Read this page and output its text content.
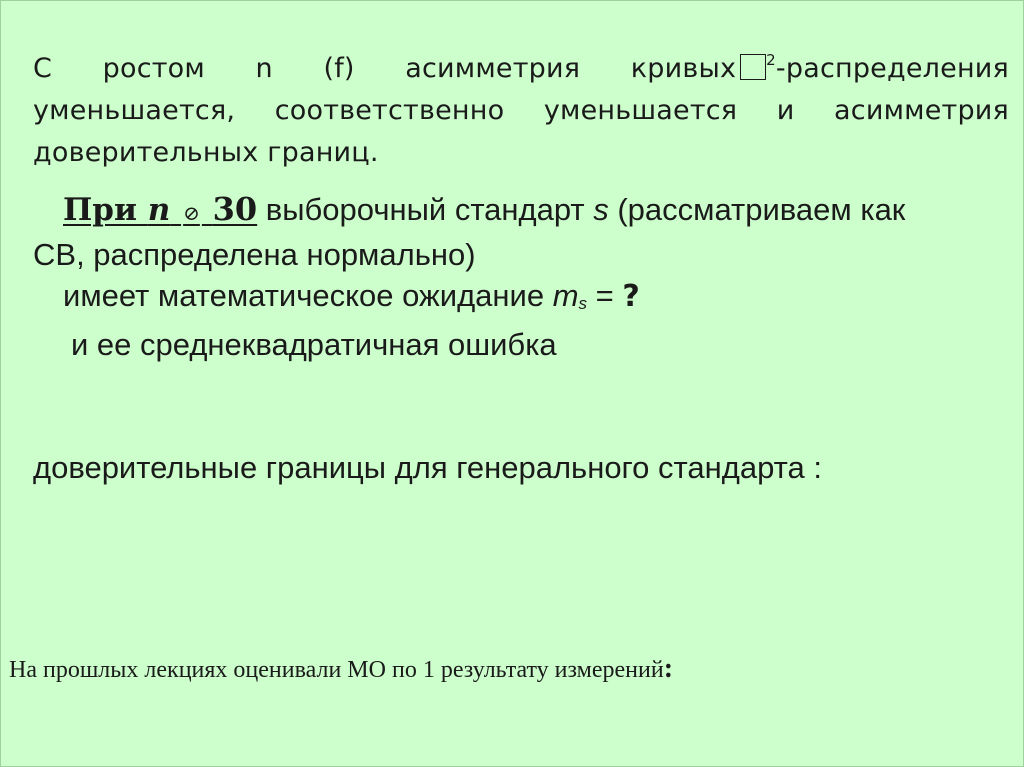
С ростом n (f) асимметрия кривых $^2$-распределения
уменьшается, соответственно уменьшается и асимметрия
доверительных границ.
При n ⊘ 30 выборочный стандарт s (рассматриваем как
СВ, распределена нормально)
имеет математическое ожидание ms = ?
и ее среднеквадратичная ошибка
доверительные границы для генерального стандарта :
На прошлых лекциях оценивали МО по 1 результату измерений:
